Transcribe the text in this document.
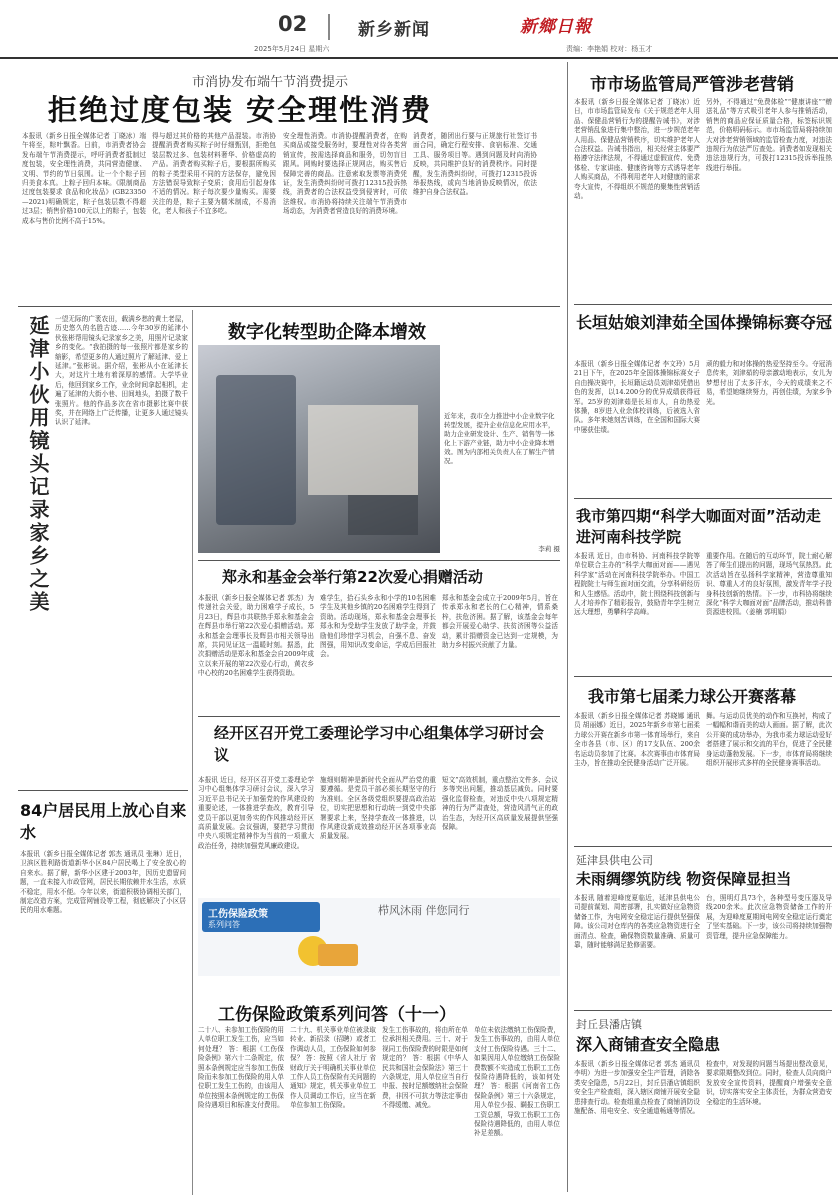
02	新乡新闻
2025年5月24日 星期六
新鄉日報
责编：李艳娟 校对：杨玉才
市消协发布端午节消费提示
拒绝过度包装 安全理性消费

本报讯（新乡日报全媒体记者 丁晓冰）端午将至，粽叶飘香。日前，市消费者协会发布端午节消费提示，呼吁消费者抵制过度包装，安全理性消费，共同营造健康、文明、节约的节日氛围。让一个个粽子回归美食本真。上粽子回归本味。《限制商品过度包装要求 食品和化妆品》(GB23350—2021)明确规定，粽子包装层数不得超过3层；销售价格100元以上的粽子，包装成本与售价比例不高于15%。

得与超过其价格的其他产品混装。市消协提醒消费者购买粽子时仔细甄别，拒绝包装层数过多、包装材料奢华、价格虚高的产品。消费者购买粽子后，要根据所购买的粽子类型采用不同的方法保存，避免因方法错误导致粽子变质；食用后引起身体不适的情况。粽子每次要少量购买。需要关注的是，粽子主要为糯米制成，不易消化，老人和孩子不宜多吃。

安全理性消费。市消协提醒消费者，在购买商品或接受服务时，要理性对待各类营销宣传，按需选择商品和服务，切勿盲目跟风。网购时要选择正规网店，购买售后保障完善的商品。注意索取发票等消费凭证，发生消费纠纷时可拨打12315投诉热线，消费者的合法权益受到侵害时，可依法维权。市消协将持续关注端午节消费市场动态，为消费者营造良好的消费环境。

消费者，随团出行要与正规旅行社签订书面合同，确定行程安排、食宿标准、交通工具、服务项目等。遇到问题及时向消协反映，共同维护良好的消费秩序。同时提醒，发生消费纠纷时，可拨打12315投诉举报热线，或向当地消协反映情况，依法维护自身合法权益。

延津小伙用镜头记录家乡之美 一望无际的广袤农田，载满乡愁的黄土老屋，历史悠久的名胜古迹……今年30岁的延津小伙张彬帮用镜头记录家乡之美，用照片记录家乡的变化。“我拍摄的每一张照片都是家乡的缩影，希望更多的人通过照片了解延津、爱上延津。”张彬说。据介绍，张彬从小在延津长大，对这片土地有着深厚的感情。大学毕业后，他回到家乡工作，业余时间拿起相机，走遍了延津的大街小巷、田间地头，拍摄了数千张照片。他的作品多次在省市摄影比赛中获奖，并在网络上广泛传播，让更多人通过镜头认识了延津。

84户居民用上放心自来水

本报讯（新乡日报全媒体记者 郭杰 通讯员 张琳）近日，卫滨区胜利路街道新华小区84户居民喝上了安全放心的自来水。据了解，新华小区建于2003年，因历史遗留问题，一直未接入市政管网，居民长期依赖井水生活，水质不稳定，用水不便。今年以来，街道积极协调相关部门，制定改造方案，完成管网铺设等工程，彻底解决了小区居民的用水难题。

数字化转型助企降本增效
近年来，我市全力推进中小企业数字化转型发展，提升企业信息化应用水平，助力企业研发设计、生产、销售等一体化上下游产业链，助力中小企业降本增效。图为内部相关负责人在了解生产情况。
李莉 摄
郑永和基金会举行第22次爱心捐赠活动

本报讯（新乡日报全媒体记者 郭杰）为传递社会关爱，助力困难学子成长，5月23日，辉县市共联热手郑永和基金会在辉县市举行第22次爱心捐赠活动。郑永和基金会理事长及辉县市相关领导出席，共同见证这一温暖时刻。据悉，此次捐赠活动是郑永和基金会自2009年成立以来开展的第22次爱心行动，黄衣乡中心校的20名困难学生获得资助。

难学生，拾石头乡永和小学的10名困难学生及其他乡镇的20名困难学生得到了资助。活动现场，郑永和基金会理事长郑永和为受助学生发放了助学金，并鼓励他们珍惜学习机会，自强不息、奋发图强，用知识改变命运，学成后回报社会。

郑永和基金会成立于2009年5月，旨在传承郑永和老长的仁心精神，情系桑梓，扶危济困。据了解，该基金会每年都会开展爱心助学、扶贫济困等公益活动，累计捐赠资金已达到一定规模，为助力乡村振兴贡献了力量。

经开区召开党工委理论学习中心组集体学习研讨会议

本报讯 近日，经开区召开党工委理论学习中心组集体学习研讨会议，深入学习习近平总书记关于加强党的作风建设的重要论述，一体推进学查改，教育引导党员干部以更加务实的作风推动经开区高质量发展。会议强调，要把学习贯彻中央八项规定精神作为当前的一项重大政治任务，持续加强党风廉政建设。

施细则精神是新时代全面从严治党的重要遵循。是党员干部必须长期坚守的行为准则。全区各级党组织要提高政治站位，切实把思想和行动统一到党中央部署要求上来，坚持学查改一体推进，以作风建设新成效推动经开区各项事业高质量发展。

短文”高效机制，重点整治文件多、会议多等突出问题，推动基层减负。同时要强化监督检查，对违反中央八项规定精神的行为严肃查处，营造风清气正的政治生态，为经开区高质量发展提供坚强保障。

工伤保险政策
系列问答
栉风沐雨 伴您同行
工伤保险政策系列问答（十一）

二十八、未参加工伤保险的用人单位职工发生工伤，应当如何处理？ 答：根据《工伤保险条例》第六十二条规定，依照本条例规定应当参加工伤保险而未参加工伤保险的用人单位职工发生工伤的，由该用人单位按照本条例规定的工伤保险待遇项目和标准支付费用。

二十九、机关事业单位被录取转业、新招录（招聘）或者工作调动人员，工伤保险如何参保？ 答：按照《省人社厅 省财政厅关于明确机关事业单位工作人员工伤保险有关问题的通知》规定，机关事业单位工作人员调动工作后，应当在新单位参加工伤保险。

发生工伤事故的，将由所在单位承担相关费用。三十、对于视同工伤保险费的时限是如何规定的？ 答：根据《中华人民共和国社会保险法》第三十六条规定，用人单位应当自行申报、按时足额缴纳社会保险费，非因不可抗力等法定事由不得缓缴、减免。

单位未依法缴纳工伤保险费，发生工伤事故的，由用人单位支付工伤保险待遇。三十二、如果因用人单位缴纳工伤保险费数额不实造成工伤职工工伤保险待遇降低的，该如何处理？ 答：根据《河南省工伤保险条例》第三十六条规定，用人单位少报、瞒报工伤职工工资总额，导致工伤职工工伤保险待遇降低的，由用人单位补足差额。

市市场监管局严管涉老营销

本报讯（新乡日报全媒体记者 丁晓冰）近日，市市场监管局发布《关于规范老年人用品、保健品营销行为的提醒告诫书》，对涉老营销乱象进行集中整治，进一步规范老年人用品、保健品营销秩序，切实维护老年人合法权益。告诫书指出，相关经营主体要严格遵守法律法规，不得通过虚假宣传、免费体检、专家讲座、健康咨询等方式诱导老年人购买商品，不得利用老年人对健康的需求夸大宣传，不得组织不规范的聚集性营销活动。

另外，不得通过“免费体检”“健康讲座”“赠送礼品”等方式吸引老年人参与推销活动，销售的商品应保证质量合格，标签标识规范，价格明码标示。市市场监管局将持续加大对涉老营销领域的监管检查力度，对违法违规行为依法严厉查处。消费者如发现相关违法违规行为，可拨打12315投诉举报热线进行举报。

长垣姑娘刘津茹全国体操锦标赛夺冠

本报讯（新乡日报全媒体记者 李文玲）5月21日下午，在2025年全国体操锦标赛女子自由操决赛中，长垣籍运动员刘津茹凭借出色的发挥，以14.200分的优异成绩获得冠军。25岁的刘津茹是长垣市人，自幼热爱体操，8岁进入业余体校训练，后被选入省队。多年来她刻苦训练，在全国和国际大赛中屡获佳绩。

顽的毅力和对体操的热爱坚持至今。夺冠消息传来，刘津茹的母亲激动地表示，女儿为梦想付出了太多汗水，今天的成绩来之不易，希望她继续努力，再创佳绩，为家乡争光。

我市第四期“科学大咖面对面”活动走进河南科技学院

本报讯 近日，由市科协、河南科技学院等单位联合主办的“科学大咖面对面——遇见科学家”活动在河南科技学院举办。中国工程院院士与师生面对面交流，分享科研经历和人生感悟。活动中，院士围绕科技创新与人才培养作了精彩报告，鼓励青年学生树立远大理想，勇攀科学高峰。

重要作用。在随后的互动环节，院士耐心解答了师生们提出的问题，现场气氛热烈。此次活动旨在弘扬科学家精神，营造尊重知识、尊重人才的良好氛围，激发青年学子投身科技创新的热情。下一步，市科协将继续深化“科学大咖面对面”品牌活动，推动科普资源进校园。（姜楠 郭明娟）

我市第七届柔力球公开赛落幕

本报讯（新乡日报全媒体记者 苏晓娜 通讯员 胡丽娜）近日，2025年新乡市第七届柔力球公开赛在新乡市第一体育场举行，来自全市各县（市、区）的17支队伍、200余名运动员参加了比赛。本次赛事由市体育局主办，旨在推动全民健身活动广泛开展。

舞。与运动员优美的动作和互换衬，构成了一幅幅和谐而美的动人画面。据了解，此次公开赛的成功举办，为我市柔力球运动爱好者搭建了展示和交流的平台，促进了全民健身运动蓬勃发展。下一步，市体育局将继续组织开展形式多样的全民健身赛事活动。

延津县供电公司
未雨绸缪筑防线 物资保障显担当

本报讯 随着迎峰度夏临近，延津县供电公司提前谋划、周密部署，扎实做好应急物资储备工作，为电网安全稳定运行提供坚强保障。该公司对仓库内的各类应急物资进行全面清点、检查，确保物资数量准确、质量可靠，随时能够满足抢修需要。

台，照明灯具73个，各种型号变压器及导线200余米。此次应急物资储备工作的开展，为迎峰度夏期间电网安全稳定运行奠定了坚实基础。下一步，该公司将持续加强物资管理，提升应急保障能力。

封丘县潘店镇
深入商铺查安全隐患

本报讯（新乡日报全媒体记者 郭杰 通讯员 李明）为进一步加强安全生产管理，消除各类安全隐患，5月22日，封丘县潘店镇组织安全生产检查组，深入辖区商铺开展安全隐患排查行动。检查组重点检查了商铺消防设施配备、用电安全、安全通道畅通等情况。

检查中，对发现的问题当场提出整改意见，要求限期整改到位。同时，检查人员向商户发放安全宣传资料，提醒商户增强安全意识，切实落实安全主体责任，为群众营造安全稳定的生活环境。
